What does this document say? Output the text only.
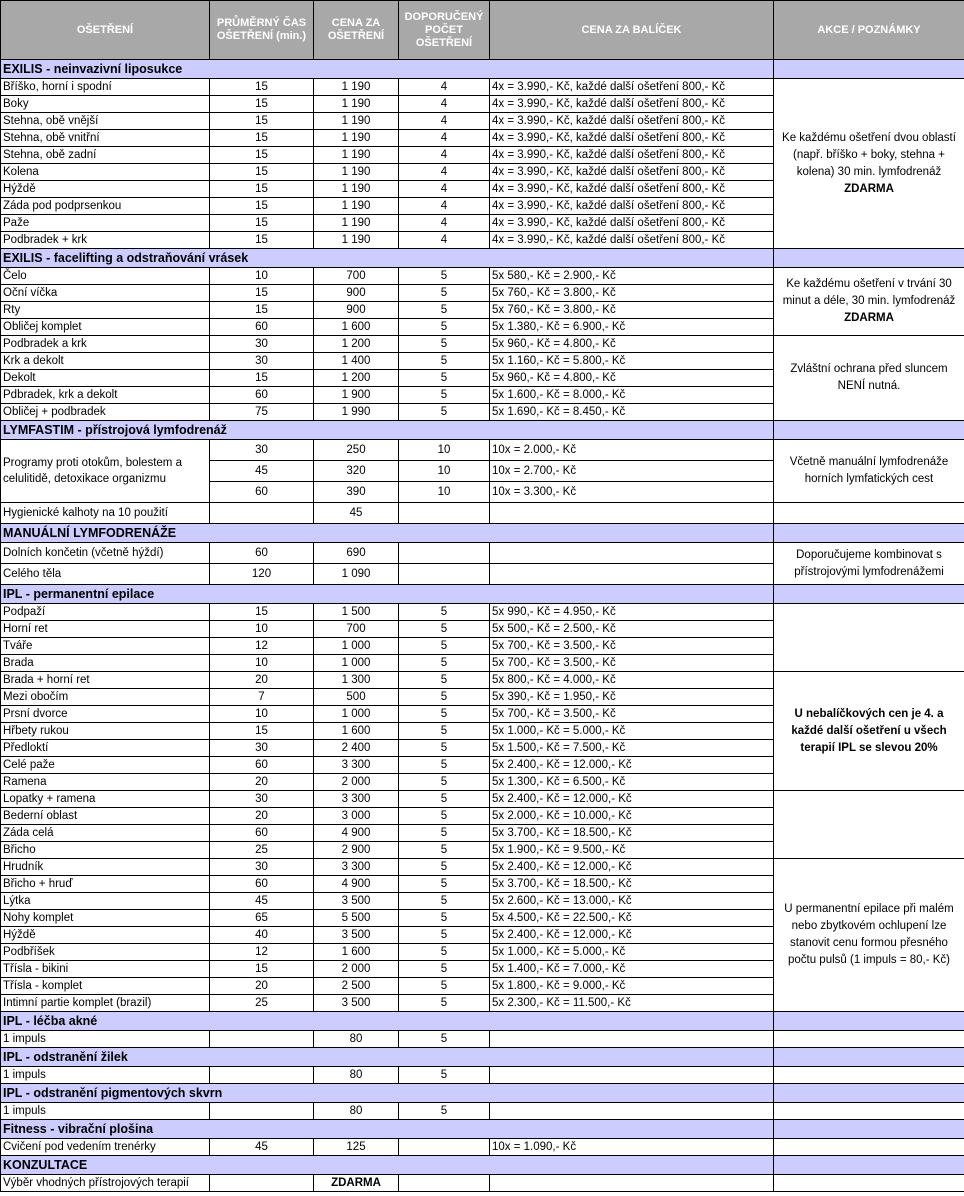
OŠETŘENÍ	PRŮMĚRNÝ ČAS OŠETŘENÍ (min.)	CENA ZA OŠETŘENÍ	DOPORUČENÝ POČET OŠETŘENÍ	CENA ZA BALÍČEK	AKCE / POZNÁMKY
EXILIS - neinvazivní liposukce					
Bříško, horní i spodní	15	1 190	4	4x = 3.990,- Kč, každé další ošetření 800,- Kč	Ke každému ošetření dvou oblastí (např. bříško + boky, stehna + kolena) 30 min. lymfodrenáž ZDARMA
Boky	15	1 190	4	4x = 3.990,- Kč, každé další ošetření 800,- Kč	
Stehna, obě vnější	15	1 190	4	4x = 3.990,- Kč, každé další ošetření 800,- Kč	
Stehna, obě vnitřní	15	1 190	4	4x = 3.990,- Kč, každé další ošetření 800,- Kč	
Stehna, obě zadní	15	1 190	4	4x = 3.990,- Kč, každé další ošetření 800,- Kč	
Kolena	15	1 190	4	4x = 3.990,- Kč, každé další ošetření 800,- Kč	
Hýždě	15	1 190	4	4x = 3.990,- Kč, každé další ošetření 800,- Kč	
Záda pod podprsenkou	15	1 190	4	4x = 3.990,- Kč, každé další ošetření 800,- Kč	
Paže	15	1 190	4	4x = 3.990,- Kč, každé další ošetření 800,- Kč	
Podbradek + krk	15	1 190	4	4x = 3.990,- Kč, každé další ošetření 800,- Kč	
EXILIS - facelifting a odstraňování vrásek					
Čelo	10	700	5	5x 580,- Kč = 2.900,- Kč	Ke každému ošetření v trvání 30 minut a déle, 30 min. lymfodrenáž ZDARMA
Oční víčka	15	900	5	5x 760,- Kč = 3.800,- Kč	
Rty	15	900	5	5x 760,- Kč = 3.800,- Kč	
Obličej komplet	60	1 600	5	5x 1.380,- Kč = 6.900,- Kč	
Podbradek a krk	30	1 200	5	5x 960,- Kč = 4.800,- Kč	Zvláštní ochrana před sluncem NENÍ nutná.
Krk a dekolt	30	1 400	5	5x 1.160,- Kč = 5.800,- Kč	
Dekolt	15	1 200	5	5x 960,- Kč = 4.800,- Kč	
Pdbradek, krk a dekolt	60	1 900	5	5x 1.600,- Kč = 8.000,- Kč	
Obličej + podbradek	75	1 990	5	5x 1.690,- Kč = 8.450,- Kč	
LYMFASTIM - přístrojová lymfodrenáž					
Programy proti otokům, bolestem a celulitidě, detoxikace organizmu	30	250	10	10x = 2.000,- Kč	Včetně manuální lymfodrenáže horních lymfatických cest
	45	320	10	10x = 2.700,- Kč	
	60	390	10	10x = 3.300,- Kč	
Hygienické kalhoty na 10 použití		45			
MANUÁLNÍ LYMFODRENÁŽE					
Dolních končetin (včetně hýždí)	60	690			Doporučujeme kombinovat s přístrojovými lymfodrenážemi
Celého těla	120	1 090			
IPL - permanentní epilace					
Podpaží	15	1 500	5	5x 990,- Kč = 4.950,- Kč	
Horní ret	10	700	5	5x 500,- Kč = 2.500,- Kč	
Tváře	12	1 000	5	5x 700,- Kč = 3.500,- Kč	
Brada	10	1 000	5	5x 700,- Kč = 3.500,- Kč	
Brada + horní ret	20	1 300	5	5x 800,- Kč = 4.000,- Kč	U nebalíčkových cen je 4. a každé další ošetření u všech terapií IPL se slevou 20%
Mezi obočím	7	500	5	5x 390,- Kč = 1.950,- Kč	
Prsní dvorce	10	1 000	5	5x 700,- Kč = 3.500,- Kč	
Hřbety rukou	15	1 600	5	5x 1.000,- Kč = 5.000,- Kč	
Předloktí	30	2 400	5	5x 1.500,- Kč = 7.500,- Kč	
Celé paže	60	3 300	5	5x 2.400,- Kč = 12.000,- Kč	
Ramena	20	2 000	5	5x 1.300,- Kč = 6.500,- Kč	
Lopatky + ramena	30	3 300	5	5x 2.400,- Kč = 12.000,- Kč	
Bederní oblast	20	3 000	5	5x 2.000,- Kč = 10.000,- Kč	
Záda celá	60	4 900	5	5x 3.700,- Kč = 18.500,- Kč	
Břicho	25	2 900	5	5x 1.900,- Kč = 9.500,- Kč	
Hrudník	30	3 300	5	5x 2.400,- Kč = 12.000,- Kč	U permanentní epilace při malém nebo zbytkovém ochlupení lze stanovit cenu formou přesného počtu pulsů (1 impuls = 80,- Kč)
Břicho + hruď	60	4 900	5	5x 3.700,- Kč = 18.500,- Kč	
Lýtka	45	3 500	5	5x 2.600,- Kč = 13.000,- Kč	
Nohy komplet	65	5 500	5	5x 4.500,- Kč = 22.500,- Kč	
Hýždě	40	3 500	5	5x 2.400,- Kč = 12.000,- Kč	
Podbříšek	12	1 600	5	5x 1.000,- Kč = 5.000,- Kč	
Tříslа - bikini	15	2 000	5	5x 1.400,- Kč = 7.000,- Kč	
Třísla - komplet	20	2 500	5	5x 1.800,- Kč = 9.000,- Kč	
Intimní partie komplet (brazil)	25	3 500	5	5x 2.300,- Kč = 11.500,- Kč	
IPL - léčba akné					
1 impuls		80	5		
IPL - odstranění žilek					
1 impuls		80	5		
IPL - odstranění pigmentových skvrn					
1 impuls		80	5		
Fitness - vibrační plošina					
Cvičení pod vedením trenérky	45	125		10x = 1.090,- Kč	
KONZULTACE					
Výběr vhodných přístrojových terapií		ZDARMA			
